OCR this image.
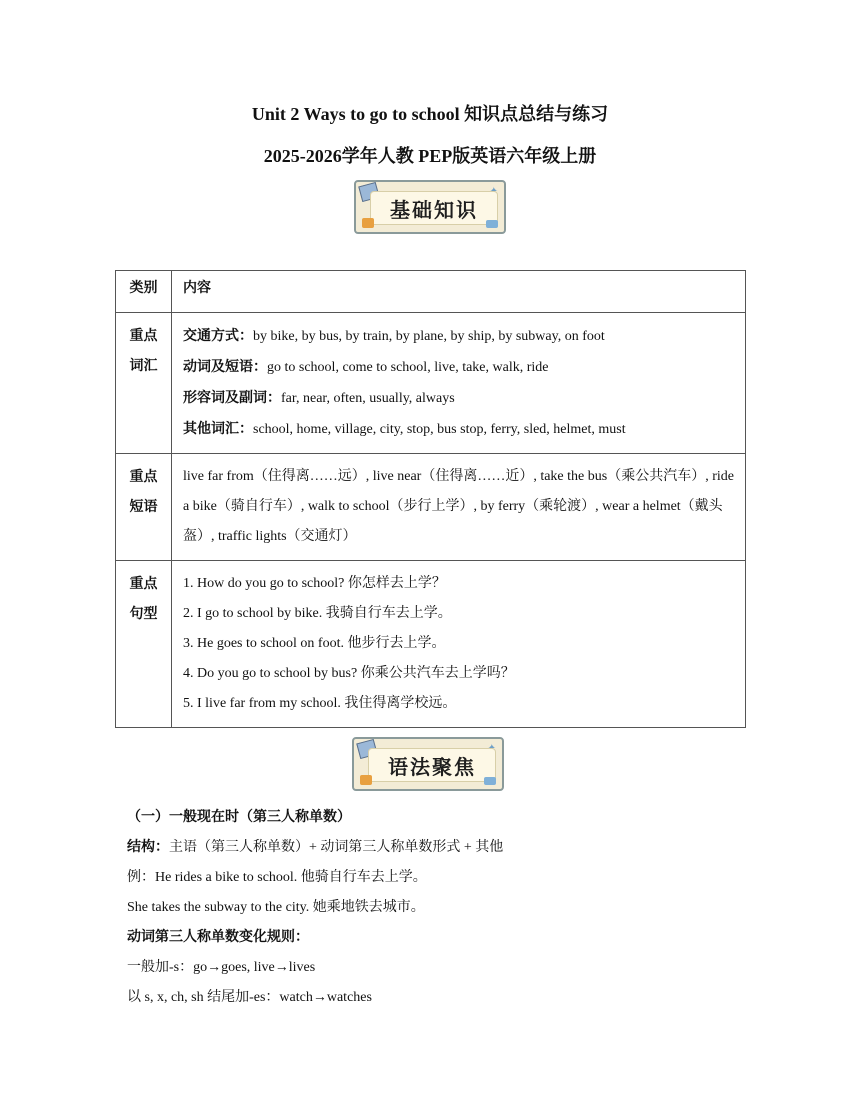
Unit 2 Ways to go to school 知识点总结与练习
2025-2026学年人教 PEP版英语六年级上册
基础知识
类别	内容
重点词汇	交通方式：by bike, by bus, by train, by plane, by ship, by subway, on foot
动词及短语：go to school, come to school, live, take, walk, ride
形容词及副词：far, near, often, usually, always
其他词汇：school, home, village, city, stop, bus stop, ferry, sled, helmet, must

重点短语	live far from（住得离……远）, live near（住得离……近）, take the bus（乘公共汽车）, ride a bike（骑自行车）, walk to school（步行上学）, by ferry（乘轮渡）, wear a helmet（戴头盔）, traffic lights（交通灯）

重点句型	1. How do you go to school? 你怎样去上学？
2. I go to school by bike. 我骑自行车去上学。
3. He goes to school on foot. 他步行去上学。
4. Do you go to school by bus? 你乘公共汽车去上学吗？
5. I live far from my school. 我住得离学校远。
语法聚焦
（一）一般现在时（第三人称单数）
结构：主语（第三人称单数）+ 动词第三人称单数形式 + 其他
例：He rides a bike to school. 他骑自行车去上学。
She takes the subway to the city. 她乘地铁去城市。
动词第三人称单数变化规则：
一般加-s：go→goes, live→lives
以 s, x, ch, sh 结尾加-es：watch→watches
